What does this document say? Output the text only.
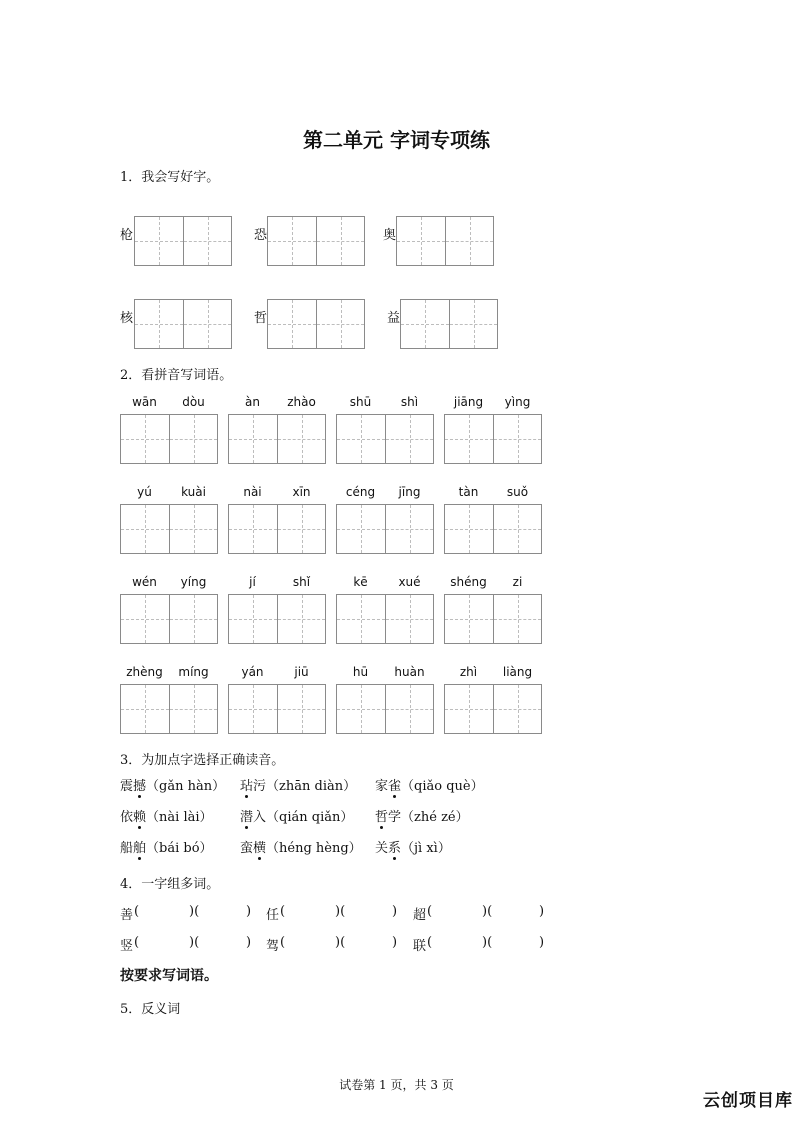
第二单元 字词专项练
1．我会写好字。
枪	恐	奥
核	哲	益
2．看拼音写词语。
wān	dòu	àn	zhào	shū	shì	jiāng	yìng
yú	kuài	nài	xīn	céng	jīng	tàn	suǒ
wén	yíng	jí	shǐ	kē	xué	shéng	zi
zhèng	míng	yán	jiū	hū	huàn	zhì	liàng
3．为加点字选择正确读音。
震撼（gǎn hàn） 玷污（zhān diàn） 家雀（qiǎo què）
依赖（nài lài） 潜入（qián qiǎn） 哲学（zhé zé）
船舶（bái bó） 蛮横（héng hèng） 关系（jì xì）
4．一字组多词。
善 (	)(	) 任 (	)(	) 超 (	)(	)
竖 (	)(	) 驾 (	)(	) 联 (	)(	)
按要求写词语。
5．反义词
试卷第 1 页，共 3 页
云创项目库
